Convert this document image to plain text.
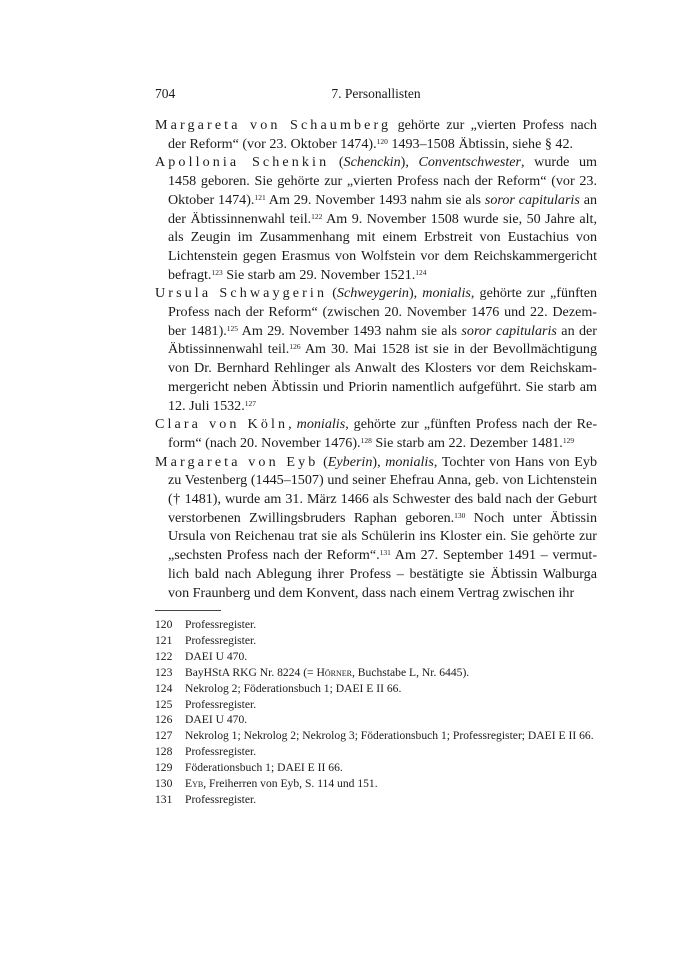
704	7. Personallisten

Margareta von Schaumberg gehörte zur „vierten Profess nach der Reform“ (vor 23. Oktober 1474).$^{120}$ 1493–1508 Äbtissin, siehe § 42.

Apollonia Schenkin (Schenckin), Conventschwester, wurde um 1458 geboren. Sie gehörte zur „vierten Profess nach der Reform“ (vor 23. Oktober 1474).$^{121}$ Am 29. November 1493 nahm sie als soror capitularis an der Äbtissinnenwahl teil.$^{122}$ Am 9. November 1508 wurde sie, 50 Jahre alt, als Zeugin im Zusammenhang mit einem Erbstreit von Eustachius von Lichtenstein gegen Erasmus von Wolfstein vor dem Reichskammergericht befragt.$^{123}$ Sie starb am 29. November 1521.$^{124}$

Ursula Schwaygerin (Schweygerin), monialis, gehörte zur „fünften Profess nach der Reform“ (zwischen 20. November 1476 und 22. Dezember 1481).$^{125}$ Am 29. November 1493 nahm sie als soror capitularis an der Äbtissinnenwahl teil.$^{126}$ Am 30. Mai 1528 ist sie in der Bevollmächtigung von Dr. Bernhard Rehlinger als Anwalt des Klosters vor dem Reichskammergericht neben Äbtissin und Priorin namentlich aufgeführt. Sie starb am 12. Juli 1532.$^{127}$

Clara von Köln, monialis, gehörte zur „fünften Profess nach der Reform“ (nach 20. November 1476).$^{128}$ Sie starb am 22. Dezember 1481.$^{129}$

Margareta von Eyb (Eyberin), monialis, Tochter von Hans von Eyb zu Vestenberg (1445–1507) und seiner Ehefrau Anna, geb. von Lichtenstein († 1481), wurde am 31. März 1466 als Schwester des bald nach der Geburt verstorbenen Zwillingsbruders Raphan geboren.$^{130}$ Noch unter Äbtissin Ursula von Reichenau trat sie als Schülerin ins Kloster ein. Sie gehörte zur „sechsten Profess nach der Reform“.$^{131}$ Am 27. September 1491 – vermutlich bald nach Ablegung ihrer Profess – bestätigte sie Äbtissin Walburga von Fraunberg und dem Konvent, dass nach einem Vertrag zwischen ihr

120	Professregister.
121	Professregister.
122	DAEI U 470.
123	BayHStA RKG Nr. 8224 (= Hörner, Buchstabe L, Nr. 6445).
124	Nekrolog 2; Föderationsbuch 1; DAEI E II 66.
125	Professregister.
126	DAEI U 470.
127	Nekrolog 1; Nekrolog 2; Nekrolog 3; Föderationsbuch 1; Professregister; DAEI E II 66.
128	Professregister.
129	Föderationsbuch 1; DAEI E II 66.
130	Eyb, Freiherren von Eyb, S. 114 und 151.
131	Professregister.
